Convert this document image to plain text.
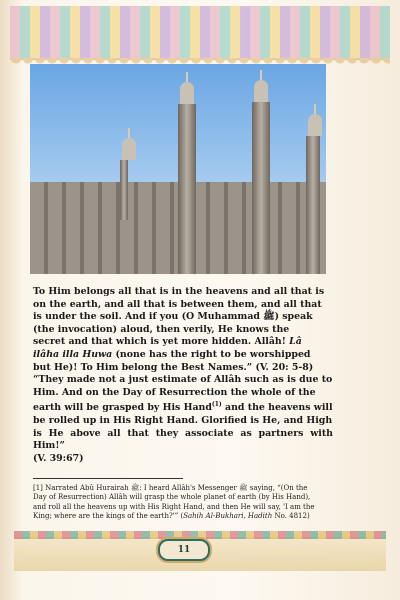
To Him belongs all that is in the heavens and all that is

on the earth, and all that is between them, and all that

is under the soil. And if you (O Muhammad ﷺ) speak

(the invocation) aloud, then verily, He knows the

secret and that which is yet more hidden. Allâh! Lâ

ilâha illa Huwa (none has the right to be worshipped

but He)! To Him belong the Best Names.” (V. 20: 5-8)

“They made not a just estimate of Allâh such as is due to

Him. And on the Day of Resurrection the whole of the

earth will be grasped by His Hand$^{(1)}$ and the heavens will

be rolled up in His Right Hand. Glorified is He, and High

is He above all that they associate as partners with Him!”

(V. 39:67)

[1] Narrated Abû Hurairah ﷺ: I heard Allâh's Messenger ﷺ saying, “(On the
Day of Resurrection) Allâh will grasp the whole planet of earth (by His Hand),
and roll all the heavens up with His Right Hand, and then He will say, 'I am the
King; where are the kings of the earth?'” (Sahih Al-Bukhari, Hadith No. 4812)
11
